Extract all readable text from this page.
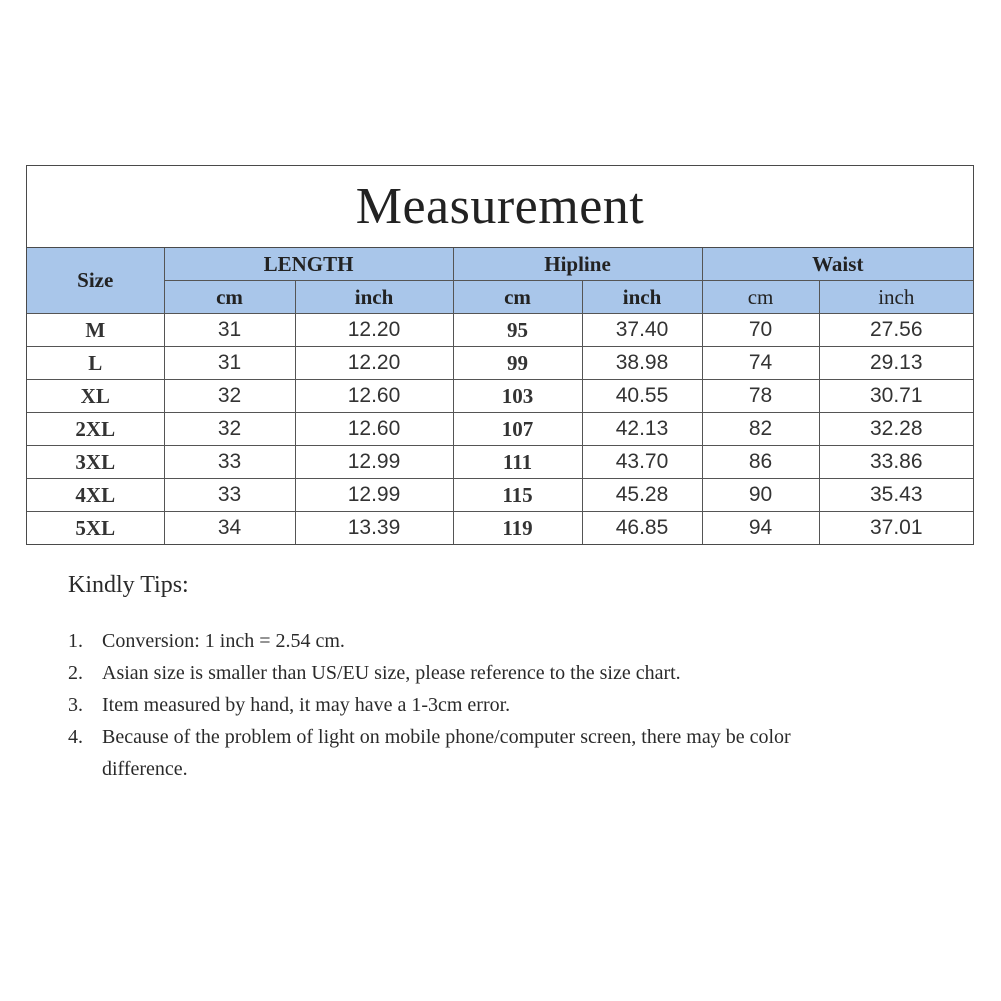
Measurement
Size	LENGTH		Hipline		Waist	
	cm	inch	cm	inch	cm	inch
M	31	12.20	95	37.40	70	27.56
L	31	12.20	99	38.98	74	29.13
XL	32	12.60	103	40.55	78	30.71
2XL	32	12.60	107	42.13	82	32.28
3XL	33	12.99	111	43.70	86	33.86
4XL	33	12.99	115	45.28	90	35.43
5XL	34	13.39	119	46.85	94	37.01

Kindly Tips:

1. Conversion: 1 inch = 2.54 cm.
2. Asian size is smaller than US/EU size, please reference to the size chart.
3. Item measured by hand, it may have a 1-3cm error.
4. Because of the problem of light on mobile phone/computer screen, there may be color difference.
